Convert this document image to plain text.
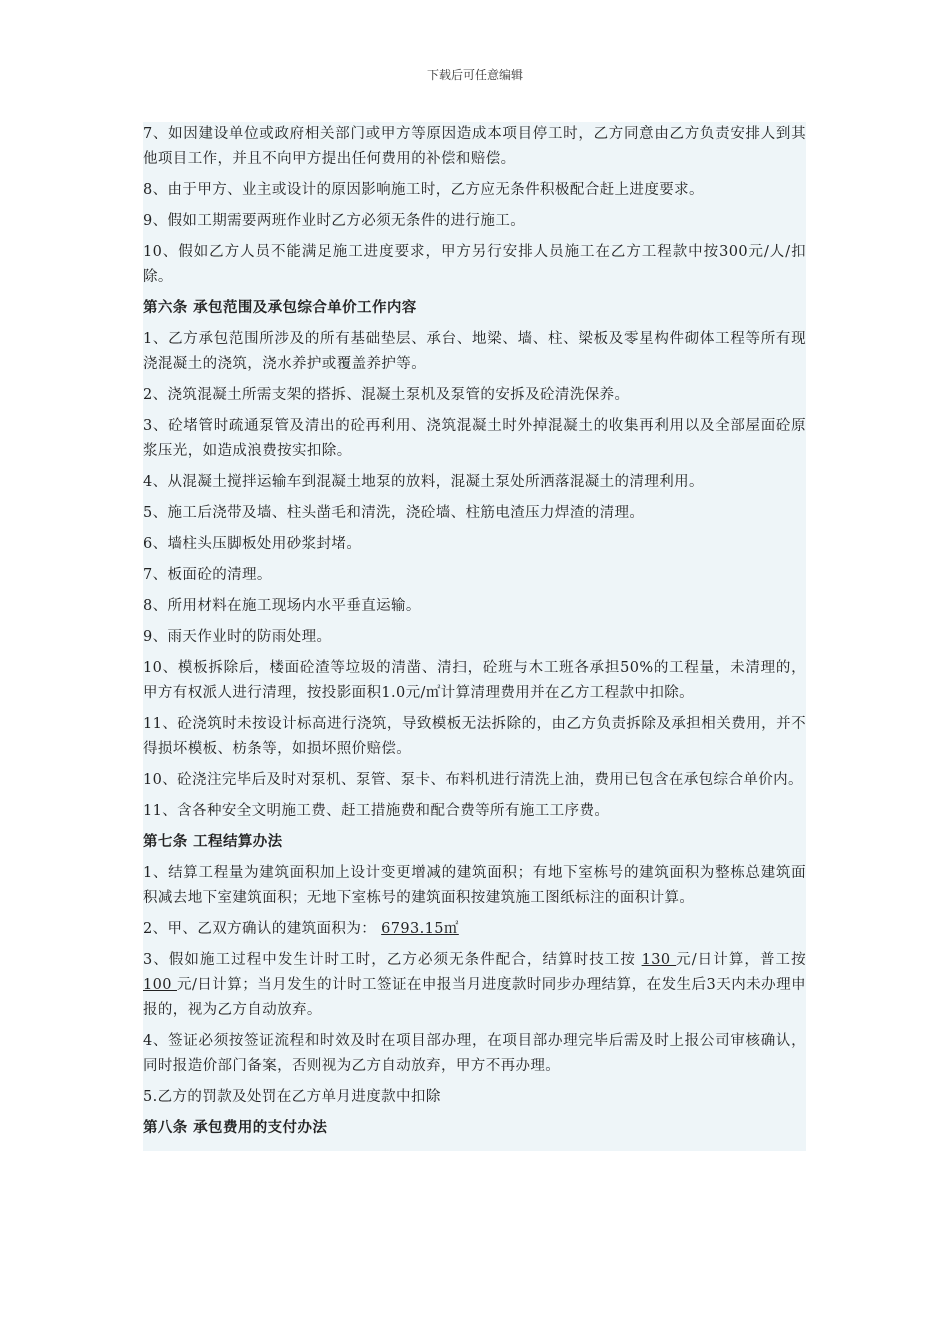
下载后可任意编辑
7、如因建设单位或政府相关部门或甲方等原因造成本项目停工时，乙方同意由乙方负责安排人到其他项目工作，并且不向甲方提出任何费用的补偿和赔偿。
8、由于甲方、业主或设计的原因影响施工时，乙方应无条件积极配合赶上进度要求。
9、假如工期需要两班作业时乙方必须无条件的进行施工。
10、假如乙方人员不能满足施工进度要求，甲方另行安排人员施工在乙方工程款中按300元/人/扣除。
第六条 承包范围及承包综合单价工作内容
1、乙方承包范围所涉及的所有基础垫层、承台、地梁、墙、柱、梁板及零星构件砌体工程等所有现浇混凝土的浇筑，浇水养护或覆盖养护等。
2、浇筑混凝土所需支架的搭拆、混凝土泵机及泵管的安拆及砼清洗保养。
3、砼堵管时疏通泵管及清出的砼再利用、浇筑混凝土时外掉混凝土的收集再利用以及全部屋面砼原浆压光，如造成浪费按实扣除。
4、从混凝土搅拌运输车到混凝土地泵的放料，混凝土泵处所洒落混凝土的清理利用。
5、施工后浇带及墙、柱头凿毛和清洗，浇砼墙、柱筋电渣压力焊渣的清理。
6、墙柱头压脚板处用砂浆封堵。
7、板面砼的清理。
8、所用材料在施工现场内水平垂直运输。
9、雨天作业时的防雨处理。
10、模板拆除后，楼面砼渣等垃圾的清凿、清扫，砼班与木工班各承担50%的工程量，未清理的，甲方有权派人进行清理，按投影面积1.0元/㎡计算清理费用并在乙方工程款中扣除。
11、砼浇筑时未按设计标高进行浇筑，导致模板无法拆除的，由乙方负责拆除及承担相关费用，并不得损坏模板、枋条等，如损坏照价赔偿。
10、砼浇注完毕后及时对泵机、泵管、泵卡、布料机进行清洗上油，费用已包含在承包综合单价内。
11、含各种安全文明施工费、赶工措施费和配合费等所有施工工序费。
第七条 工程结算办法
1、结算工程量为建筑面积加上设计变更增减的建筑面积；有地下室栋号的建筑面积为整栋总建筑面积减去地下室建筑面积；无地下室栋号的建筑面积按建筑施工图纸标注的面积计算。
2、甲、乙双方确认的建筑面积为： 6793.15㎡
3、假如施工过程中发生计时工时，乙方必须无条件配合，结算时技工按 130 元/日计算，普工按 100 元/日计算；当月发生的计时工签证在申报当月进度款时同步办理结算，在发生后3天内未办理申报的，视为乙方自动放弃。
4、签证必须按签证流程和时效及时在项目部办理，在项目部办理完毕后需及时上报公司审核确认，同时报造价部门备案，否则视为乙方自动放弃，甲方不再办理。
5.乙方的罚款及处罚在乙方单月进度款中扣除
第八条 承包费用的支付办法
